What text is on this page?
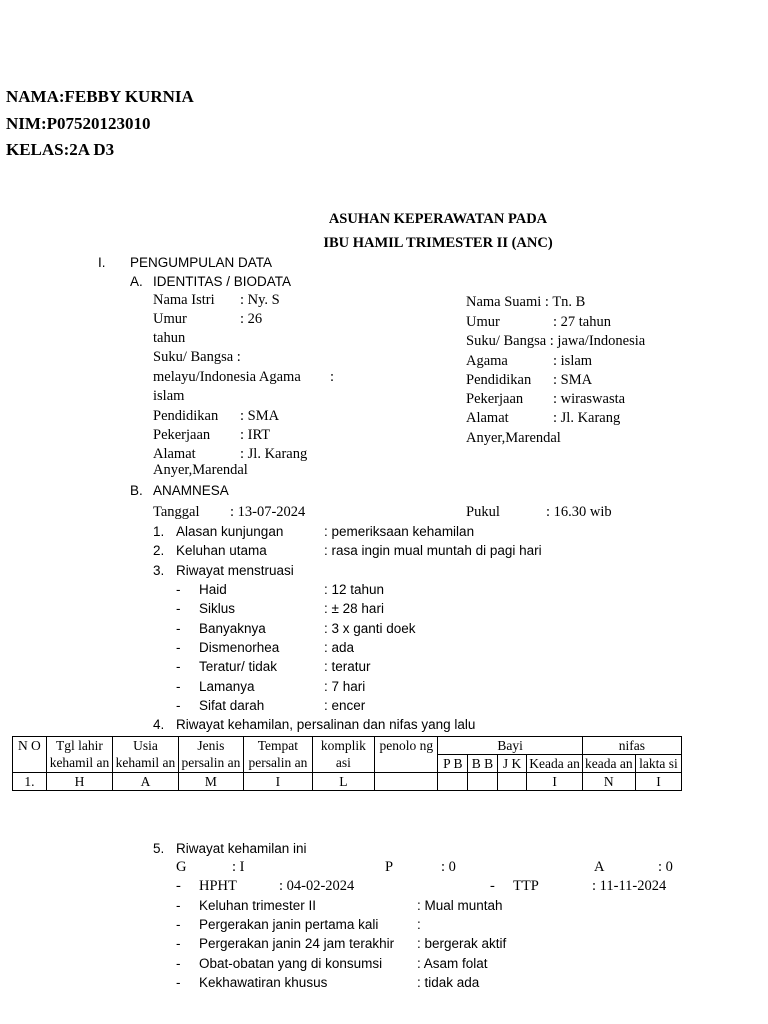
NAMA:FEBBY KURNIA
NIM:P07520123010
KELAS:2A D3
ASUHAN KEPERAWATAN PADA
IBU HAMIL TRIMESTER II (ANC)
I. PENGUMPULAN DATA
A. IDENTITAS / BIODATA
Nama Istri : Ny. S
Umur	: 26
tahun
Suku/ Bangsa :
melayu/Indonesia Agama :
islam
Pendidikan : SMA
Pekerjaan : IRT
Alamat	: Jl. Karang
Anyer,Marendal
Nama Suami : Tn. B
Umur	: 27 tahun
Suku/ Bangsa : jawa/Indonesia
Agama	: islam
Pendidikan : SMA
Pekerjaan : wiraswasta
Alamat	: Jl. Karang
Anyer,Marendal
B. ANAMNESA
Tanggal : 13-07-2024	Pukul	: 16.30 wib
1. Alasan kunjungan	: pemeriksaan kehamilan
2. Keluhan utama	: rasa ingin mual muntah di pagi hari
3. Riwayat menstruasi
- Haid	: 12 tahun
- Siklus	: ± 28 hari
- Banyaknya	: 3 x ganti doek
- Dismenorhea	: ada
- Teratur/ tidak	: teratur
- Lamanya	: 7 hari
- Sifat darah	: encer
4. Riwayat kehamilan, persalinan dan nifas yang lalu
N O	Tgl lahir kehamil an	Usia kehamil an	Jenis persalin an	Tempat persalin an	komplik asi	penolo ng	Bayi				nifas	
							P B	B B	J K	Keada an	keada an	lakta si
1.	H	A	M	I	L					I	N	I
5. Riwayat kehamilan ini
G	: I	P	: 0	A	: 0
- HPHT	: 04-02-2024	- TTP	: 11-11-2024
- Keluhan trimester II	: Mual muntah
- Pergerakan janin pertama kali	:
- Pergerakan janin 24 jam terakhir : bergerak aktif
- Obat-obatan yang di konsumsi	: Asam folat
- Kekhawatiran khusus	: tidak ada
